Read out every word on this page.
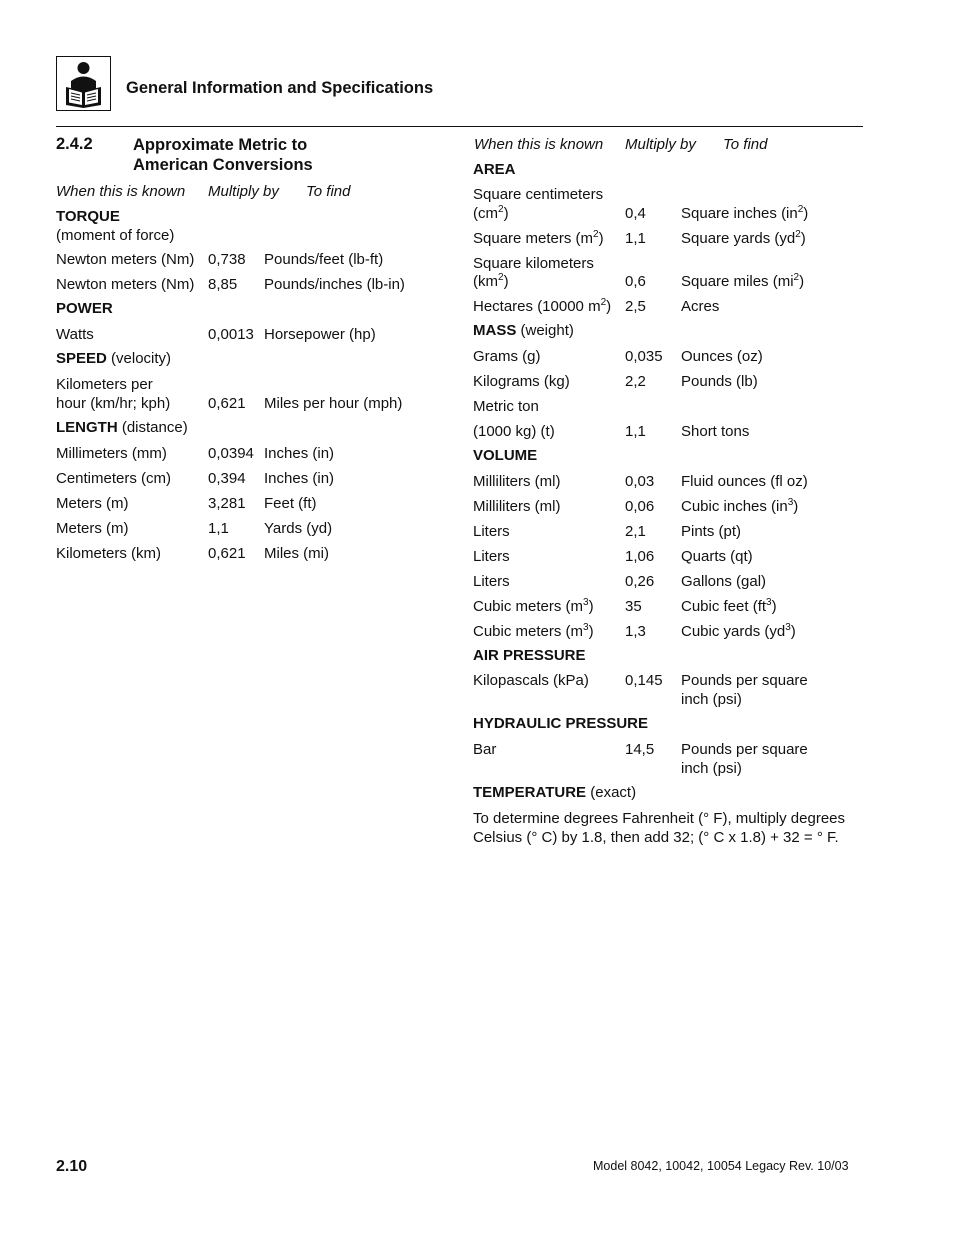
General Information and Specifications
2.4.2 Approximate Metric to
American Conversions
When this is known Multiply by To find
TORQUE
(moment of force)
Newton meters (Nm) 0,738 Pounds/feet (lb-ft)
Newton meters (Nm) 8,85 Pounds/inches (lb-in)
POWER
Watts	0,0013 Horsepower (hp)
SPEED (velocity)
Kilometers per
hour (km/hr; kph)	0,621 Miles per hour (mph)
LENGTH (distance)
Millimeters (mm)	0,0394 Inches (in)
Centimeters (cm) 0,394 Inches (in)
Meters (m)	3,281 Feet (ft)
Meters (m)	1,1 Yards (yd)
Kilometers (km)	0,621 Miles (mi)
When this is known Multiply by To find
AREA
Square centimeters
$(cm^2)$	0,4 Square inches $(in^2)$
Square meters $(m^2)$ 1,1 Square yards $(yd^2)$
Square kilometers
$(km^2)$	0,6 Square miles $(mi^2)$
Hectares (10000 $m^2$) 2,5 Acres
MASS (weight)
Grams (g)	0,035 Ounces (oz)
Kilograms (kg)	2,2 Pounds (lb)
Metric ton
(1000 kg) (t)	1,1 Short tons
VOLUME
Milliliters (ml)	0,03 Fluid ounces (fl oz)
Milliliters (ml)	0,06 Cubic inches $(in^3)$
Liters	2,1 Pints (pt)
Liters	1,06 Quarts (qt)
Liters	0,26 Gallons (gal)
Cubic meters $(m^3)$ 35	Cubic feet $(ft^3)$
Cubic meters $(m^3)$ 1,3 Cubic yards $(yd^3)$
AIR PRESSURE
Kilopascals (kPa) 0,145 Pounds per square
inch (psi)
HYDRAULIC PRESSURE
Bar	14,5 Pounds per square
inch (psi)
TEMPERATURE (exact)
To determine degrees Fahrenheit (° F), multiply degrees
Celsius (° C) by 1.8, then add 32; (° C x 1.8) + 32 = ° F.
2.10	Model 8042, 10042, 10054 Legacy Rev. 10/03
